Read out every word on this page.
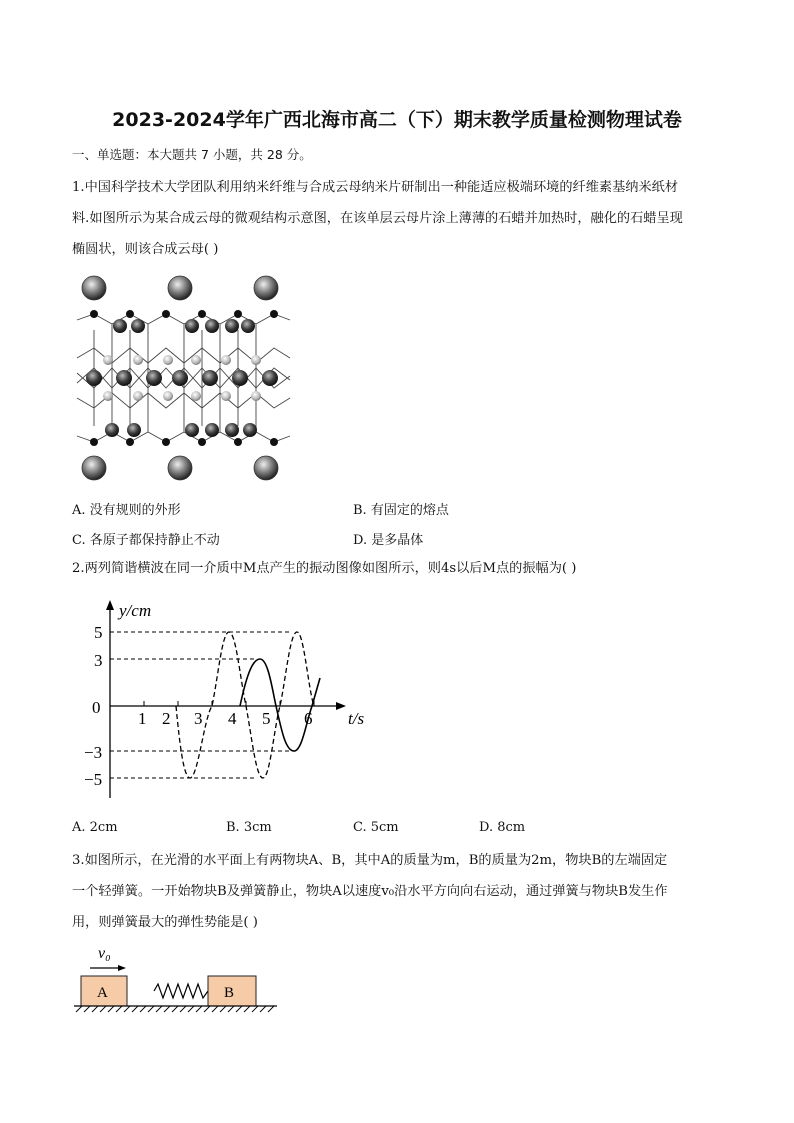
2023-2024学年广西北海市高二（下）期末教学质量检测物理试卷
一、单选题：本大题共 7 小题，共 28 分。
1.中国科学技术大学团队利用纳米纤维与合成云母纳米片研制出一种能适应极端环境的纤维素基纳米纸材
料.如图所示为某合成云母的微观结构示意图，在该单层云母片涂上薄薄的石蜡并加热时，融化的石蜡呈现
椭圆状，则该合成云母( )
A. 没有规则的外形	B. 有固定的熔点
C. 各原子都保持静止不动	D. 是多晶体
2.两列简谐横波在同一介质中M点产生的振动图像如图所示，则4s以后M点的振幅为( )
y/cm
t/s
0
5
3
−3
−5
1 2 3 4 5 6
A. 2cm	B. 3cm	C. 5cm	D. 8cm
3.如图所示，在光滑的水平面上有两物块A、B，其中A的质量为m，B的质量为2m，物块B的左端固定
一个轻弹簧。一开始物块B及弹簧静止，物块A以速度v₀沿水平方向向右运动，通过弹簧与物块B发生作
用，则弹簧最大的弹性势能是( )
v₀
A	B
